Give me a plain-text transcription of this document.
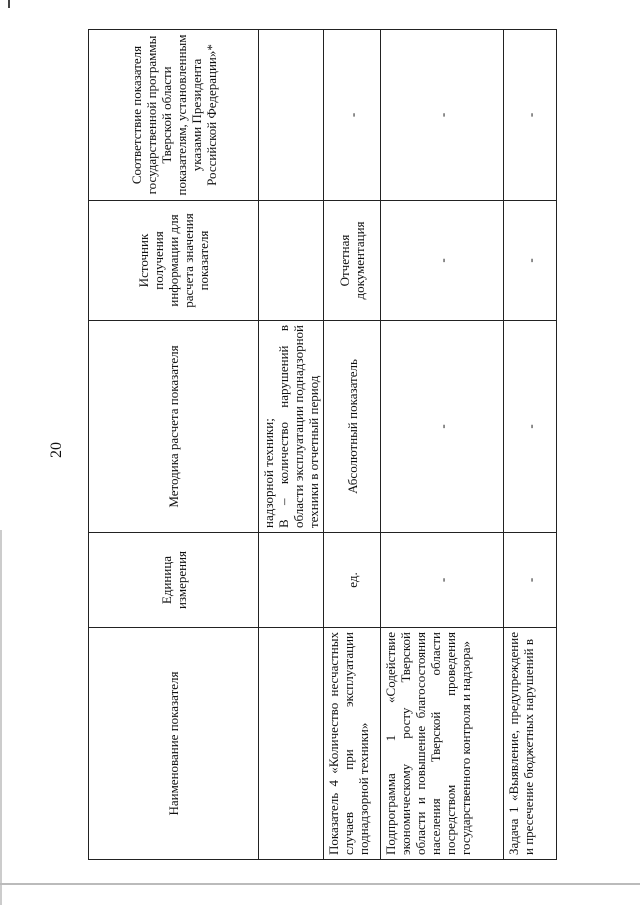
20
Наименование показателя	Единица измерения	Методика расчета показателя	Источник получения информации для расчета значения показателя	Соответствие показателя государственной программы Тверской области показателям, установленным указами Президента Российской Федерации»*

		надзорной техники; В – количество нарушений в области эксплуатации поднадзорной техники в отчетный период		

Показатель 4 «Количество несчастных случаев при эксплуатации поднадзорной техники»	ед.	Абсолютный показатель	Отчетная документация	-
Подпрограмма 1 «Содействие экономическому росту Тверской области и повышение благосостояния населения Тверской области посредством проведения государственного контроля и надзора»	-	-	-	-
Задача 1 «Выявление, предупреждение и пресечение бюджетных нарушений в	-	-	-	-
